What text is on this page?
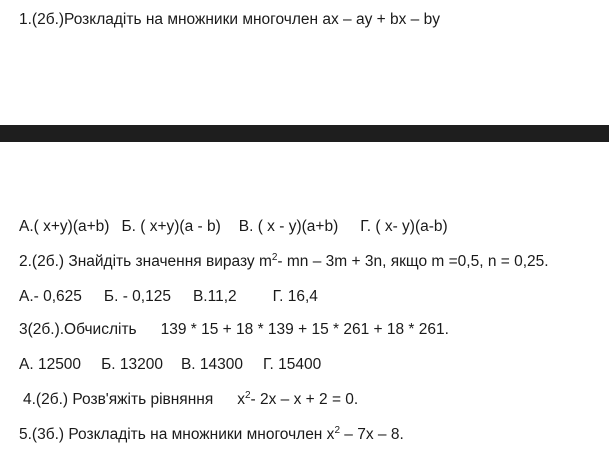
1.(2б.)Розкладіть на множники многочлен ax – ay + bx – by
А.( x+y)(a+b) Б. ( x+y)(a - b) В. ( x - y)(a+b) Г. ( x- y)(a-b)
2.(2б.) Знайдіть значення виразу $m^2-$ mn – 3m + 3n, якщо m =0,5, n = 0,25.
А.- 0,625 Б. - 0,125 В.11,2 Г. 16,4
3(2б.).Обчисліть 139 * 15 + 18 * 139 + 15 * 261 + 18 * 261.
А. 12500 Б. 13200 В. 14300 Г. 15400
4.(2б.) Розв'яжіть рівняння $x^2-$ 2x – x + 2 = 0.
5.(3б.) Розкладіть на множники многочлен $x^2 - 7x - 8$.
